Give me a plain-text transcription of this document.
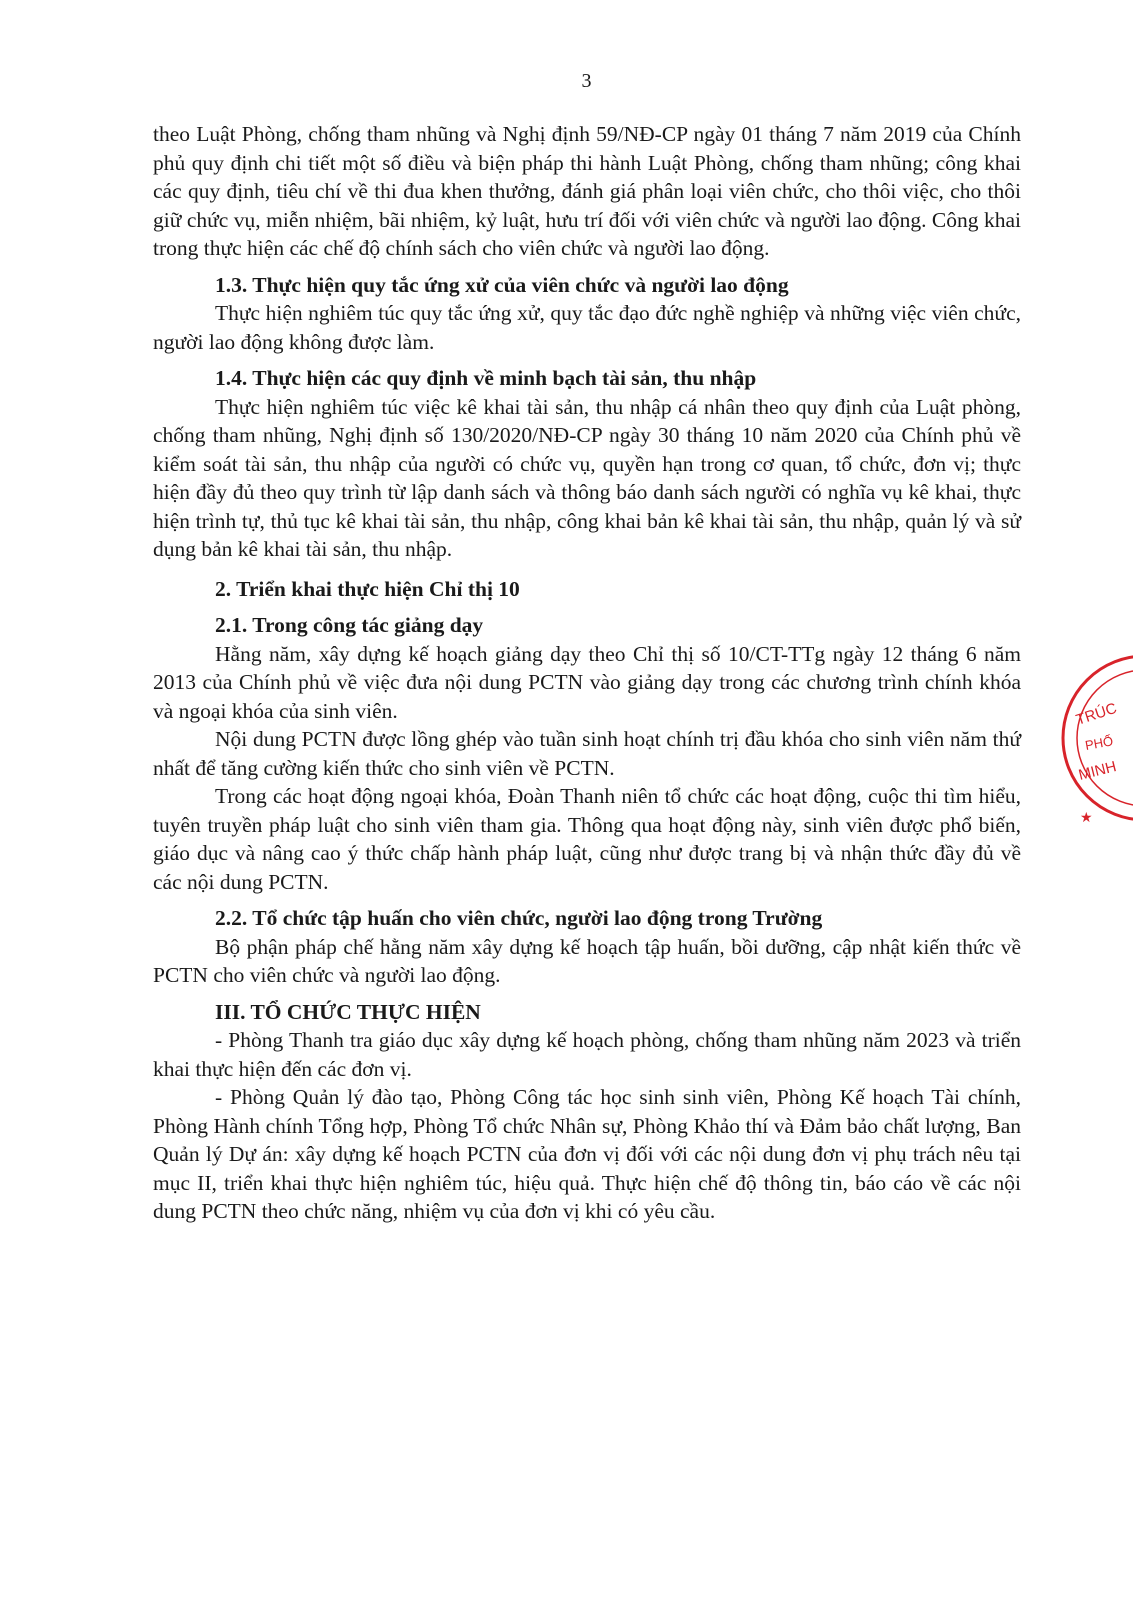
3

theo Luật Phòng, chống tham nhũng và Nghị định 59/NĐ-CP ngày 01 tháng 7 năm 2019 của Chính phủ quy định chi tiết một số điều và biện pháp thi hành Luật Phòng, chống tham nhũng; công khai các quy định, tiêu chí về thi đua khen thưởng, đánh giá phân loại viên chức, cho thôi việc, cho thôi giữ chức vụ, miễn nhiệm, bãi nhiệm, kỷ luật, hưu trí đối với viên chức và người lao động. Công khai trong thực hiện các chế độ chính sách cho viên chức và người lao động.

1.3. Thực hiện quy tắc ứng xử của viên chức và người lao động

Thực hiện nghiêm túc quy tắc ứng xử, quy tắc đạo đức nghề nghiệp và những việc viên chức, người lao động không được làm.

1.4. Thực hiện các quy định về minh bạch tài sản, thu nhập

Thực hiện nghiêm túc việc kê khai tài sản, thu nhập cá nhân theo quy định của Luật phòng, chống tham nhũng, Nghị định số 130/2020/NĐ-CP ngày 30 tháng 10 năm 2020 của Chính phủ về kiểm soát tài sản, thu nhập của người có chức vụ, quyền hạn trong cơ quan, tổ chức, đơn vị; thực hiện đầy đủ theo quy trình từ lập danh sách và thông báo danh sách người có nghĩa vụ kê khai, thực hiện trình tự, thủ tục kê khai tài sản, thu nhập, công khai bản kê khai tài sản, thu nhập, quản lý và sử dụng bản kê khai tài sản, thu nhập.

2. Triển khai thực hiện Chỉ thị 10
2.1. Trong công tác giảng dạy

Hằng năm, xây dựng kế hoạch giảng dạy theo Chỉ thị số 10/CT-TTg ngày 12 tháng 6 năm 2013 của Chính phủ về việc đưa nội dung PCTN vào giảng dạy trong các chương trình chính khóa và ngoại khóa của sinh viên.

Nội dung PCTN được lồng ghép vào tuần sinh hoạt chính trị đầu khóa cho sinh viên năm thứ nhất để tăng cường kiến thức cho sinh viên về PCTN.

Trong các hoạt động ngoại khóa, Đoàn Thanh niên tổ chức các hoạt động, cuộc thi tìm hiểu, tuyên truyền pháp luật cho sinh viên tham gia. Thông qua hoạt động này, sinh viên được phổ biến, giáo dục và nâng cao ý thức chấp hành pháp luật, cũng như được trang bị và nhận thức đầy đủ về các nội dung PCTN.

2.2. Tổ chức tập huấn cho viên chức, người lao động trong Trường

Bộ phận pháp chế hằng năm xây dựng kế hoạch tập huấn, bồi dưỡng, cập nhật kiến thức về PCTN cho viên chức và người lao động.

III. TỔ CHỨC THỰC HIỆN

- Phòng Thanh tra giáo dục xây dựng kế hoạch phòng, chống tham nhũng năm 2023 và triển khai thực hiện đến các đơn vị.

- Phòng Quản lý đào tạo, Phòng Công tác học sinh sinh viên, Phòng Kế hoạch Tài chính, Phòng Hành chính Tổng hợp, Phòng Tổ chức Nhân sự, Phòng Khảo thí và Đảm bảo chất lượng, Ban Quản lý Dự án: xây dựng kế hoạch PCTN của đơn vị đối với các nội dung đơn vị phụ trách nêu tại mục II, triển khai thực hiện nghiêm túc, hiệu quả. Thực hiện chế độ thông tin, báo cáo về các nội dung PCTN theo chức năng, nhiệm vụ của đơn vị khi có yêu cầu.

TRÚC
PHỐ
MINH
★
